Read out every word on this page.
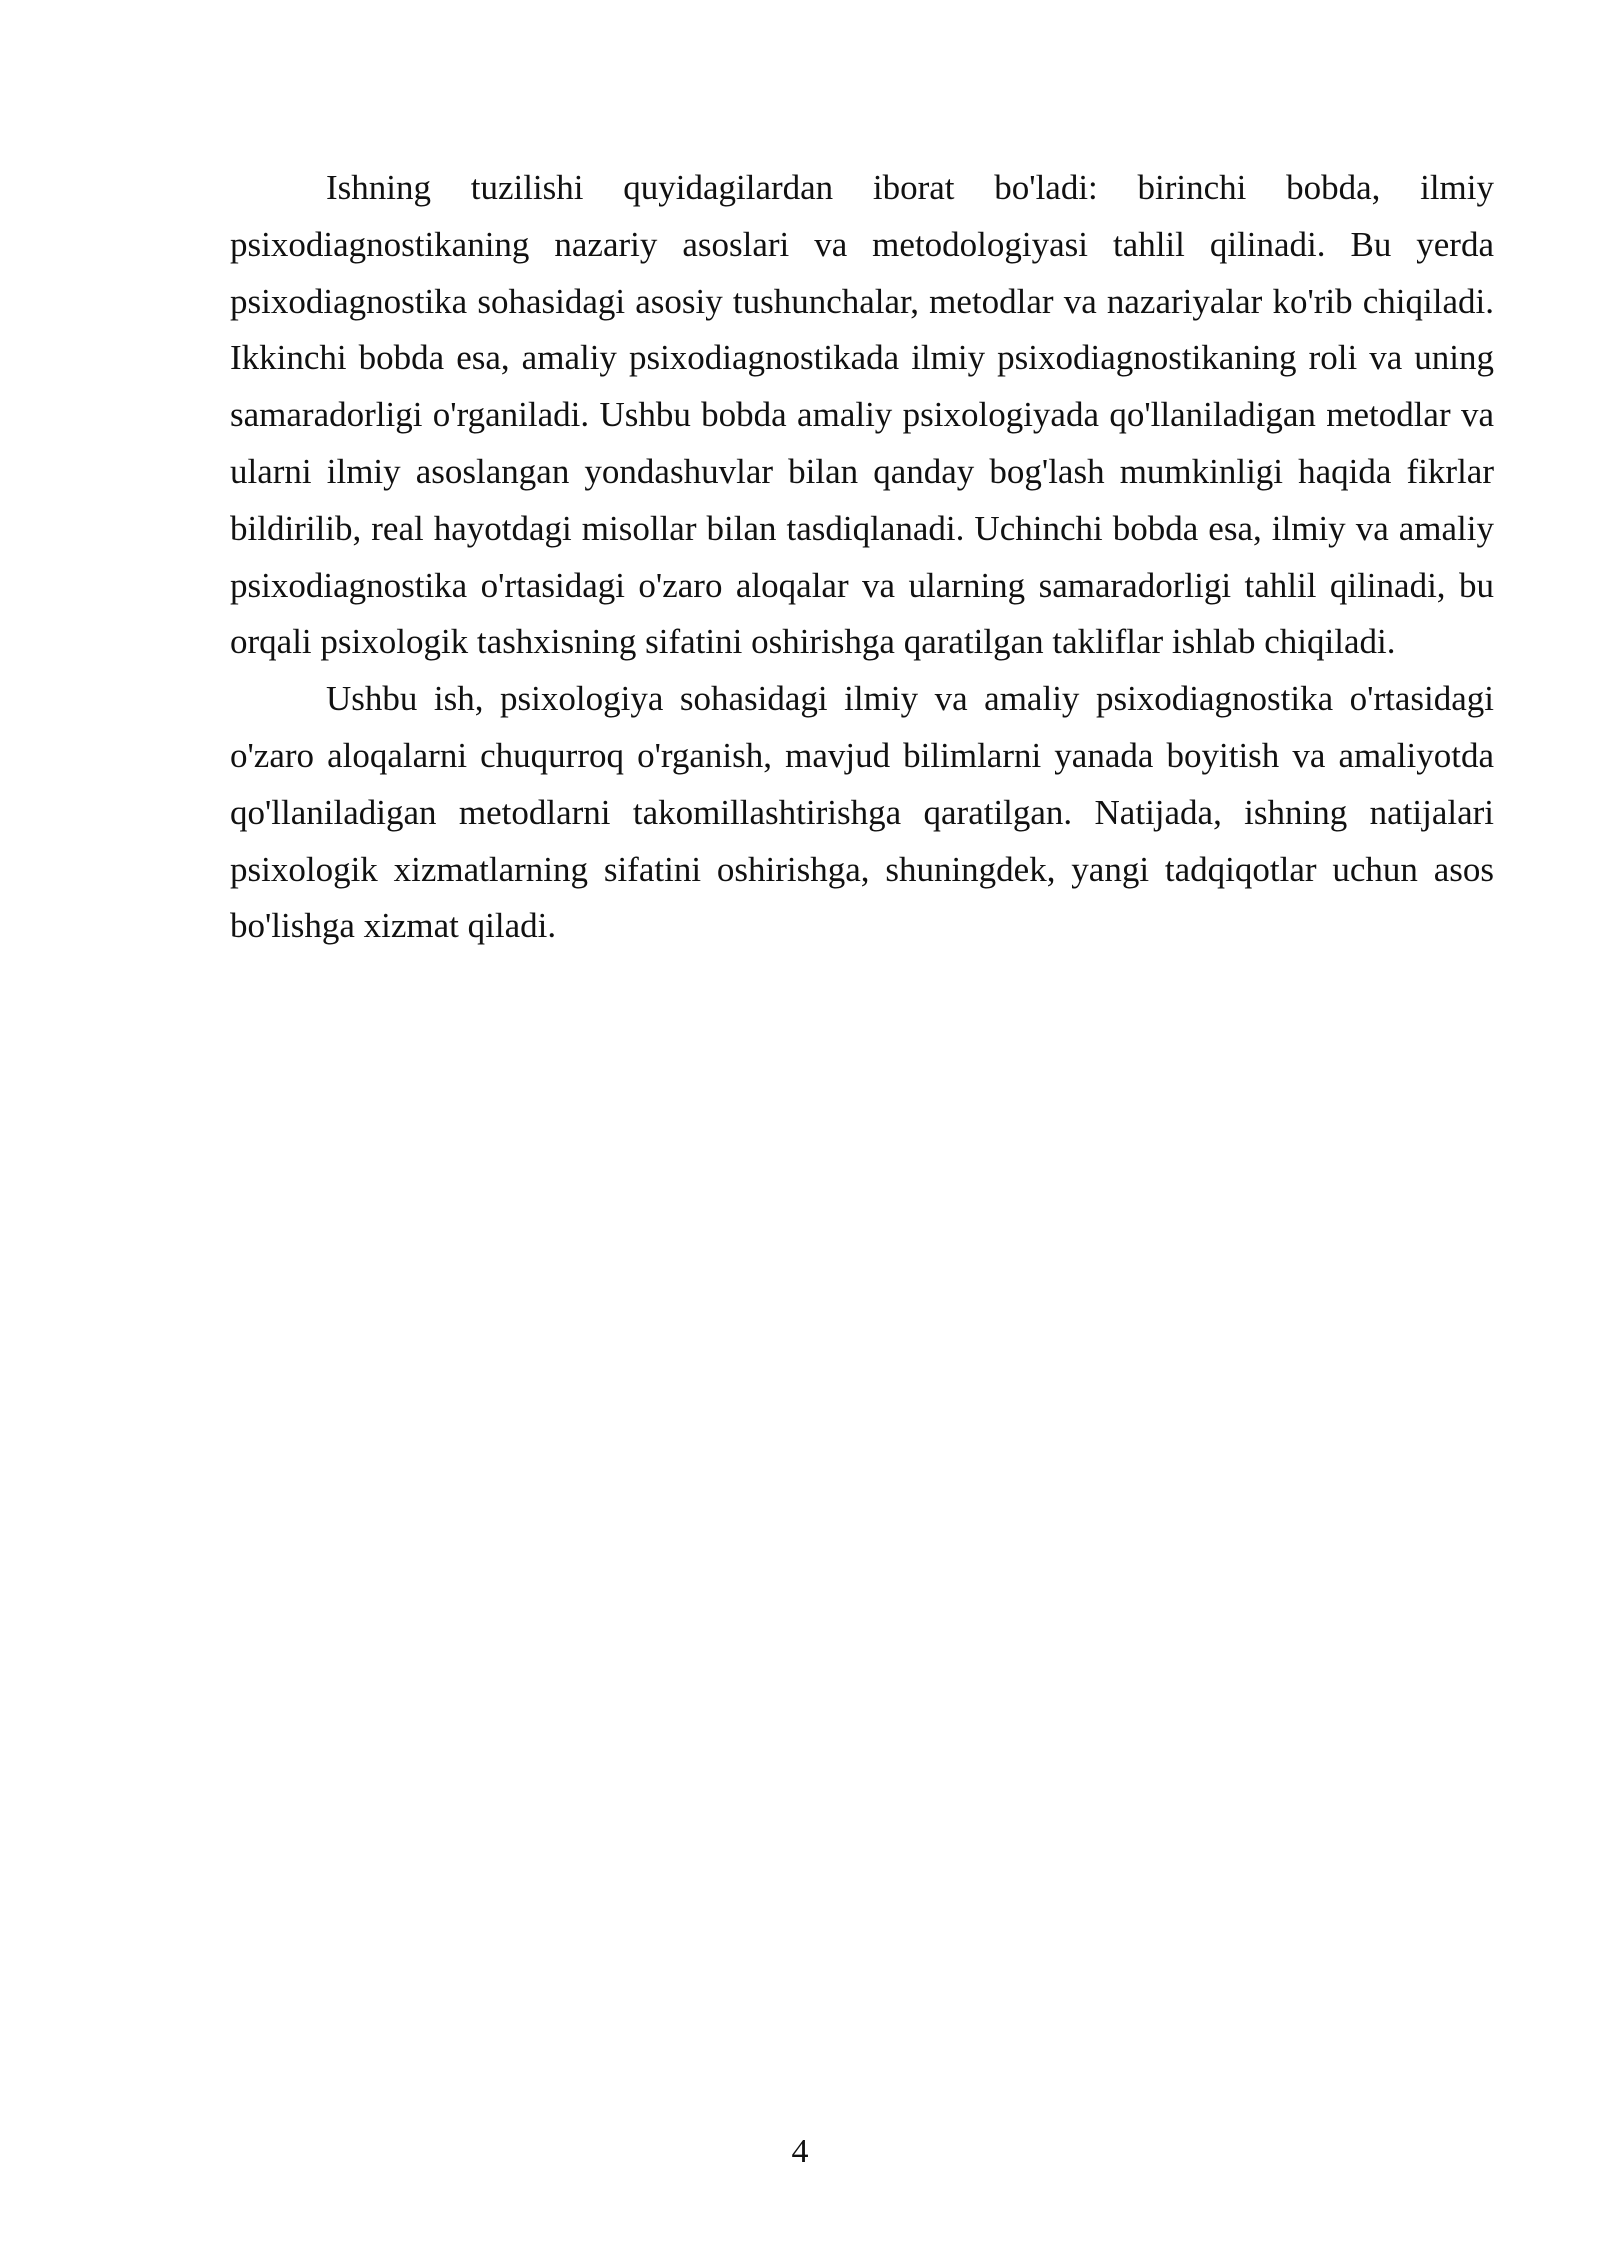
Ishning tuzilishi quyidagilardan iborat bo'ladi: birinchi bobda, ilmiy psixodiagnostikaning nazariy asoslari va metodologiyasi tahlil qilinadi. Bu yerda psixodiagnostika sohasidagi asosiy tushunchalar, metodlar va nazariyalar ko'rib chiqiladi. Ikkinchi bobda esa, amaliy psixodiagnostikada ilmiy psixodiagnostikaning roli va uning samaradorligi o'rganiladi. Ushbu bobda amaliy psixologiyada qo'llaniladigan metodlar va ularni ilmiy asoslangan yondashuvlar bilan qanday bog'lash mumkinligi haqida fikrlar bildirilib, real hayotdagi misollar bilan tasdiqlanadi. Uchinchi bobda esa, ilmiy va amaliy psixodiagnostika o'rtasidagi o'zaro aloqalar va ularning samaradorligi tahlil qilinadi, bu orqali psixologik tashxisning sifatini oshirishga qaratilgan takliflar ishlab chiqiladi.

Ushbu ish, psixologiya sohasidagi ilmiy va amaliy psixodiagnostika o'rtasidagi o'zaro aloqalarni chuqurroq o'rganish, mavjud bilimlarni yanada boyitish va amaliyotda qo'llaniladigan metodlarni takomillashtirishga qaratilgan. Natijada, ishning natijalari psixologik xizmatlarning sifatini oshirishga, shuningdek, yangi tadqiqotlar uchun asos bo'lishga xizmat qiladi.

4
